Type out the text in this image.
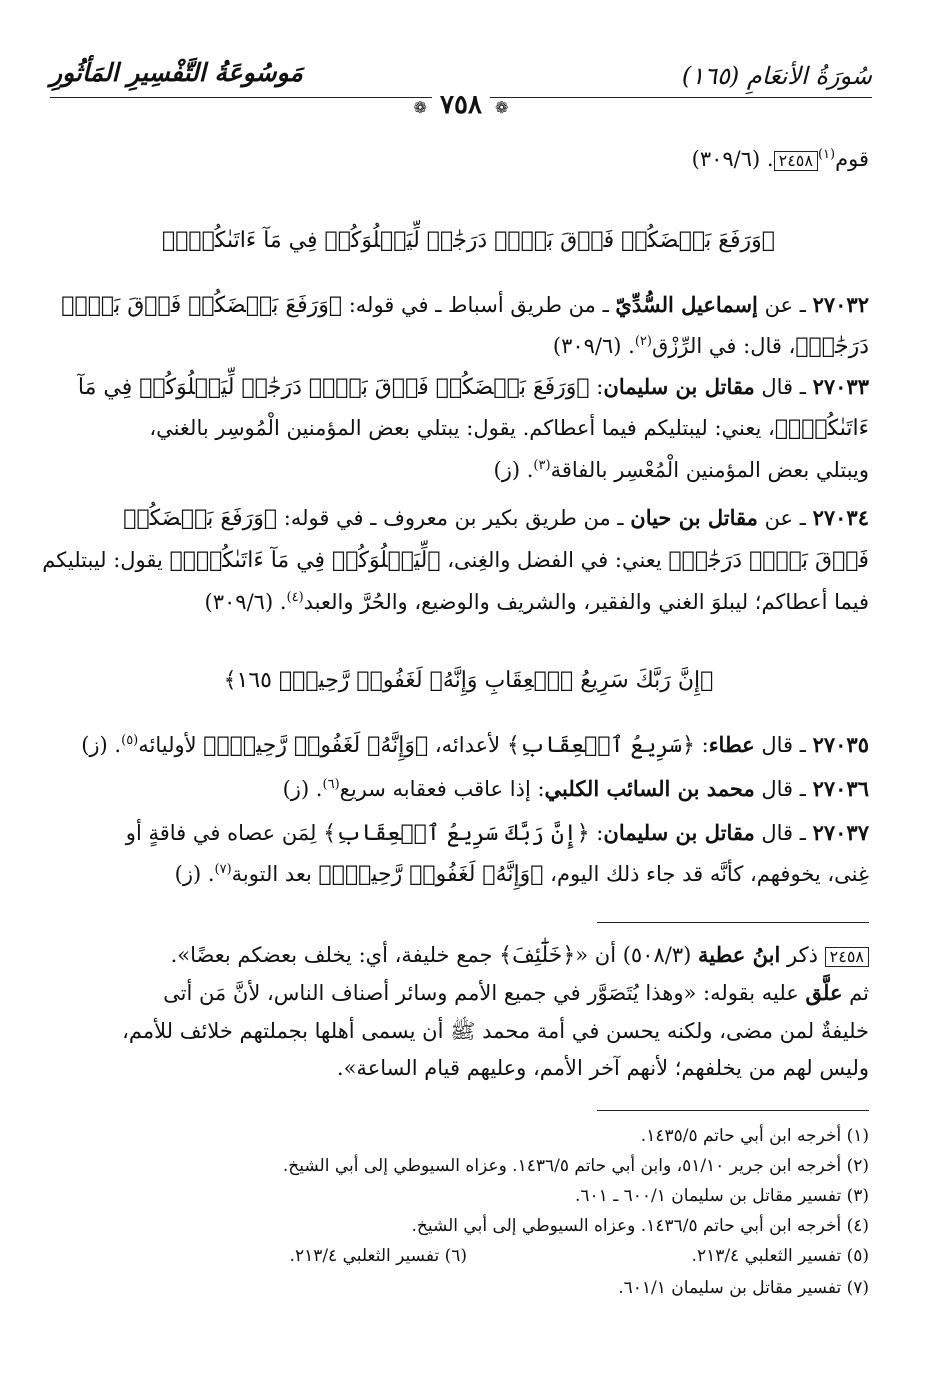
سُورَةُ الأنعَامِ (١٦٥)
مَوسُوعَةُ التَّفْسِيرِ المَأثُورِ
❁ ٧٥٨ ❁
قوم$^{(١)}$٢٤٥٨. (٣٠٩/٦)
﴿وَرَفَعَ بَعۡضَكُمۡ فَوۡقَ بَعۡضٖ دَرَجَٰتٖ لِّيَبۡلُوَكُمۡ فِي مَآ ءَاتَىٰكُمۡۗ﴾
٢٧٠٣٢ ـ عن إسماعيل السُّدِّيّ ـ من طريق أسباط ـ في قوله: ﴿وَرَفَعَ بَعۡضَكُمۡ فَوۡقَ بَعۡضٖ
دَرَجَٰتٖ﴾، قال: في الرِّزْق$^{(٢)}$. (٣٠٩/٦)
٢٧٠٣٣ ـ قال مقاتل بن سليمان: ﴿وَرَفَعَ بَعۡضَكُمۡ فَوۡقَ بَعۡضٖ دَرَجَٰتٖ لِّيَبۡلُوَكُمۡ فِي مَآ
ءَاتَىٰكُمۡۗ﴾، يعني: ليبتليكم فيما أعطاكم. يقول: يبتلي بعض المؤمنين الْمُوسِر بالغني،
ويبتلي بعض المؤمنين الْمُعْسِر بالفاقة$^{(٣)}$. (ز)
٢٧٠٣٤ ـ عن مقاتل بن حيان ـ من طريق بكير بن معروف ـ في قوله: ﴿وَرَفَعَ بَعۡضَكُمۡ
فَوۡقَ بَعۡضٖ دَرَجَٰتٖ﴾ يعني: في الفضل والغِنى، ﴿لِّيَبۡلُوَكُمۡ فِي مَآ ءَاتَىٰكُمۡۗ﴾ يقول: ليبتليكم
فيما أعطاكم؛ ليبلوَ الغني والفقير، والشريف والوضيع، والحُرَّ والعبد$^{(٤)}$. (٣٠٩/٦)
﴿إِنَّ رَبَّكَ سَرِيعُ ٱلۡعِقَابِ وَإِنَّهُۥ لَغَفُورٞ رَّحِيمُۢ ١٦٥﴾
٢٧٠٣٥ ـ قال عطاء: ﴿سَرِيعُ ٱلۡعِقَابِ﴾ لأعدائه، ﴿وَإِنَّهُۥ لَغَفُورٞ رَّحِيمُۢ﴾ لأوليائه$^{(٥)}$. (ز)
٢٧٠٣٦ ـ قال محمد بن السائب الكلبي: إذا عاقب فعقابه سريع$^{(٦)}$. (ز)
٢٧٠٣٧ ـ قال مقاتل بن سليمان: ﴿إِنَّ رَبَّكَ سَرِيعُ ٱلۡعِقَابِ﴾ لِمَن عصاه في فاقةٍ أو
غِنى، يخوفهم، كأنَّه قد جاء ذلك اليوم، ﴿وَإِنَّهُۥ لَغَفُورٞ رَّحِيمُۢ﴾ بعد التوبة$^{(٧)}$. (ز)
٢٤٥٨ ذكر ابنُ عطية (٥٠٨/٣) أن «﴿خَلَٰٓئِفَ﴾ جمع خليفة، أي: يخلف بعضكم بعضًا».
ثم علَّق عليه بقوله: «وهذا يُتَصَوَّر في جميع الأمم وسائر أصناف الناس، لأنَّ مَن أتى
خليفةٌ لمن مضى، ولكنه يحسن في أمة محمد ﷺ أن يسمى أهلها بجملتهم خلائف للأمم،
وليس لهم من يخلفهم؛ لأنهم آخر الأمم، وعليهم قيام الساعة».
(١) أخرجه ابن أبي حاتم ١٤٣٥/٥.
(٢) أخرجه ابن جرير ٥١/١٠، وابن أبي حاتم ١٤٣٦/٥. وعزاه السيوطي إلى أبي الشيخ.
(٣) تفسير مقاتل بن سليمان ٦٠٠/١ ـ ٦٠١.
(٤) أخرجه ابن أبي حاتم ١٤٣٦/٥. وعزاه السيوطي إلى أبي الشيخ.
(٥) تفسير الثعلبي ٢١٣/٤.
(٦) تفسير الثعلبي ٢١٣/٤.
(٧) تفسير مقاتل بن سليمان ٦٠١/١.
